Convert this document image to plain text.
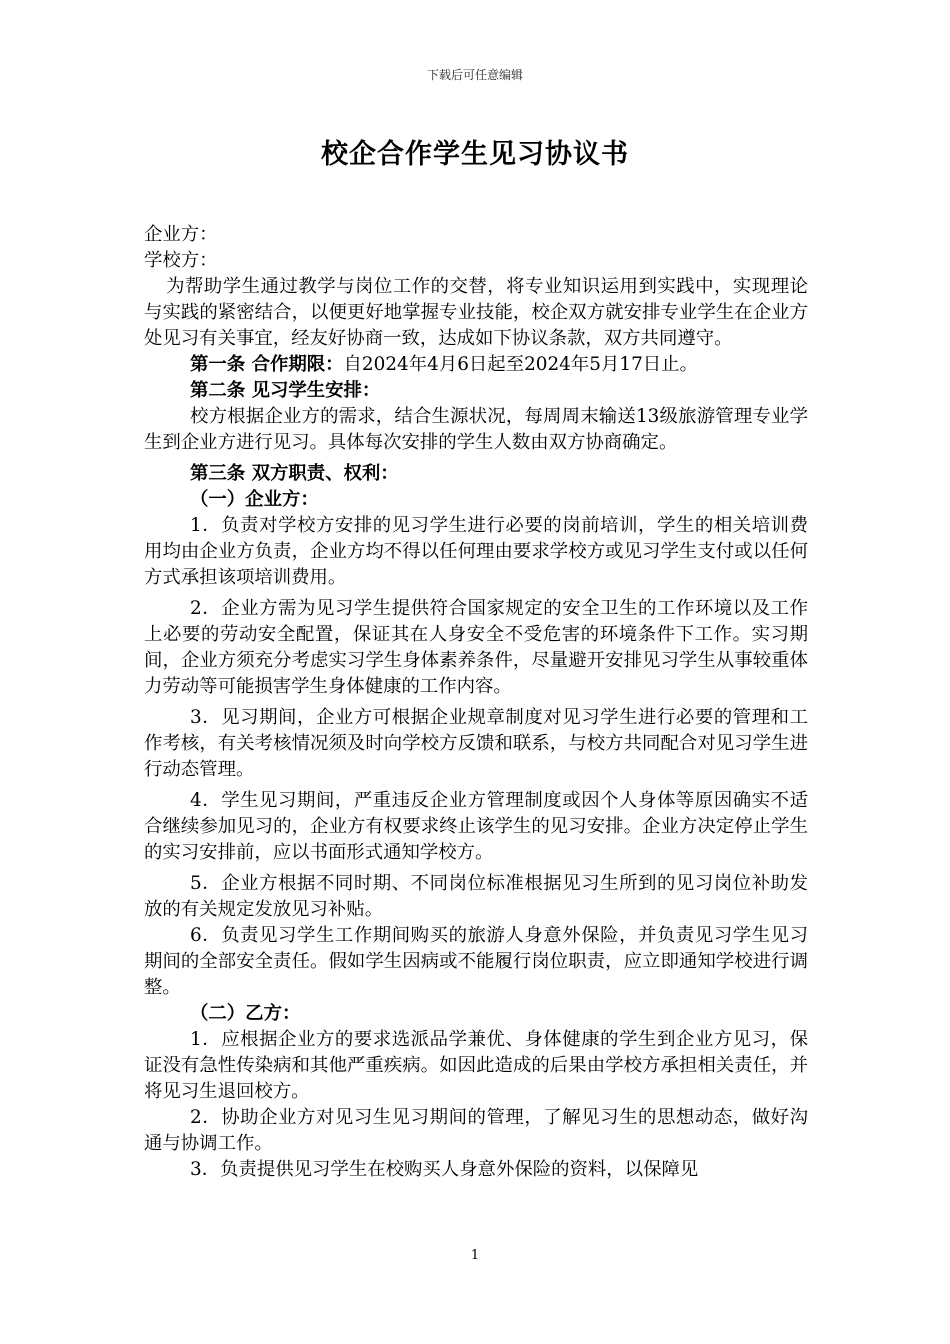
下载后可任意编辑
校企合作学生见习协议书

企业方：

学校方：

为帮助学生通过教学与岗位工作的交替，将专业知识运用到实践中，实现理论与实践的紧密结合，以便更好地掌握专业技能，校企双方就安排专业学生在企业方处见习有关事宜，经友好协商一致，达成如下协议条款，双方共同遵守。

第一条 合作期限：自2024年4月6日起至2024年5月17日止。

第二条 见习学生安排：

校方根据企业方的需求，结合生源状况，每周周末输送13级旅游管理专业学生到企业方进行见习。具体每次安排的学生人数由双方协商确定。

第三条 双方职责、权利：

（一）企业方：

1．负责对学校方安排的见习学生进行必要的岗前培训，学生的相关培训费用均由企业方负责，企业方均不得以任何理由要求学校方或见习学生支付或以任何方式承担该项培训费用。

2．企业方需为见习学生提供符合国家规定的安全卫生的工作环境以及工作上必要的劳动安全配置，保证其在人身安全不受危害的环境条件下工作。实习期间，企业方须充分考虑实习学生身体素养条件，尽量避开安排见习学生从事较重体力劳动等可能损害学生身体健康的工作内容。

3．见习期间，企业方可根据企业规章制度对见习学生进行必要的管理和工作考核，有关考核情况须及时向学校方反馈和联系，与校方共同配合对见习学生进行动态管理。

4．学生见习期间，严重违反企业方管理制度或因个人身体等原因确实不适合继续参加见习的，企业方有权要求终止该学生的见习安排。企业方决定停止学生的实习安排前，应以书面形式通知学校方。

5．企业方根据不同时期、不同岗位标准根据见习生所到的见习岗位补助发放的有关规定发放见习补贴。

6．负责见习学生工作期间购买的旅游人身意外保险，并负责见习学生见习期间的全部安全责任。假如学生因病或不能履行岗位职责，应立即通知学校进行调整。

（二）乙方：

1．应根据企业方的要求选派品学兼优、身体健康的学生到企业方见习，保证没有急性传染病和其他严重疾病。如因此造成的后果由学校方承担相关责任，并将见习生退回校方。

2．协助企业方对见习生见习期间的管理，了解见习生的思想动态，做好沟通与协调工作。

3．负责提供见习学生在校购买人身意外保险的资料，以保障见

1
